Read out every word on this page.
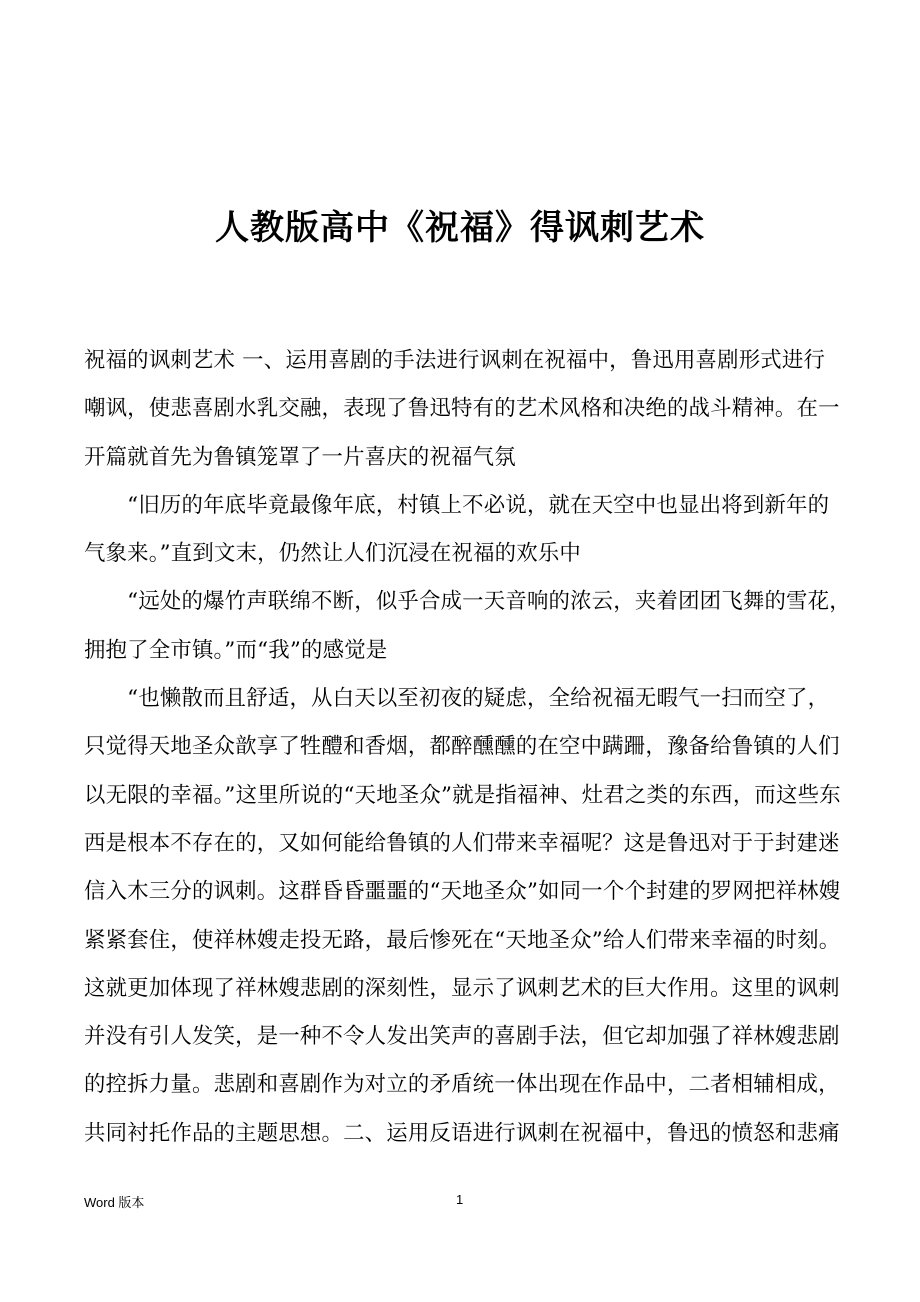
人教版高中《祝福》得讽刺艺术
祝福的讽刺艺术 一、运用喜剧的手法进行讽刺在祝福中，鲁迅用喜剧形式进行
嘲讽，使悲喜剧水乳交融，表现了鲁迅特有的艺术风格和决绝的战斗精神。在一
开篇就首先为鲁镇笼罩了一片喜庆的祝福气氛
　　“旧历的年底毕竟最像年底，村镇上不必说，就在天空中也显出将到新年的
气象来。”直到文末，仍然让人们沉浸在祝福的欢乐中
　　“远处的爆竹声联绵不断，似乎合成一天音响的浓云，夹着团团飞舞的雪花，
拥抱了全市镇。”而“我”的感觉是
　　“也懒散而且舒适，从白天以至初夜的疑虑，全给祝福无暇气一扫而空了，
只觉得天地圣众歆享了牲醴和香烟，都醉醺醺的在空中蹒跚，豫备给鲁镇的人们
以无限的幸福。”这里所说的“天地圣众”就是指福神、灶君之类的东西，而这些东
西是根本不存在的，又如何能给鲁镇的人们带来幸福呢？这是鲁迅对于于封建迷
信入木三分的讽刺。这群昏昏噩噩的“天地圣众”如同一个个封建的罗网把祥林嫂
紧紧套住，使祥林嫂走投无路，最后惨死在“天地圣众”给人们带来幸福的时刻。
这就更加体现了祥林嫂悲剧的深刻性，显示了讽刺艺术的巨大作用。这里的讽刺
并没有引人发笑，是一种不令人发出笑声的喜剧手法，但它却加强了祥林嫂悲剧
的控拆力量。悲剧和喜剧作为对立的矛盾统一体出现在作品中，二者相辅相成，
共同衬托作品的主题思想。二、运用反语进行讽刺在祝福中，鲁迅的愤怒和悲痛
Word 版本	1
